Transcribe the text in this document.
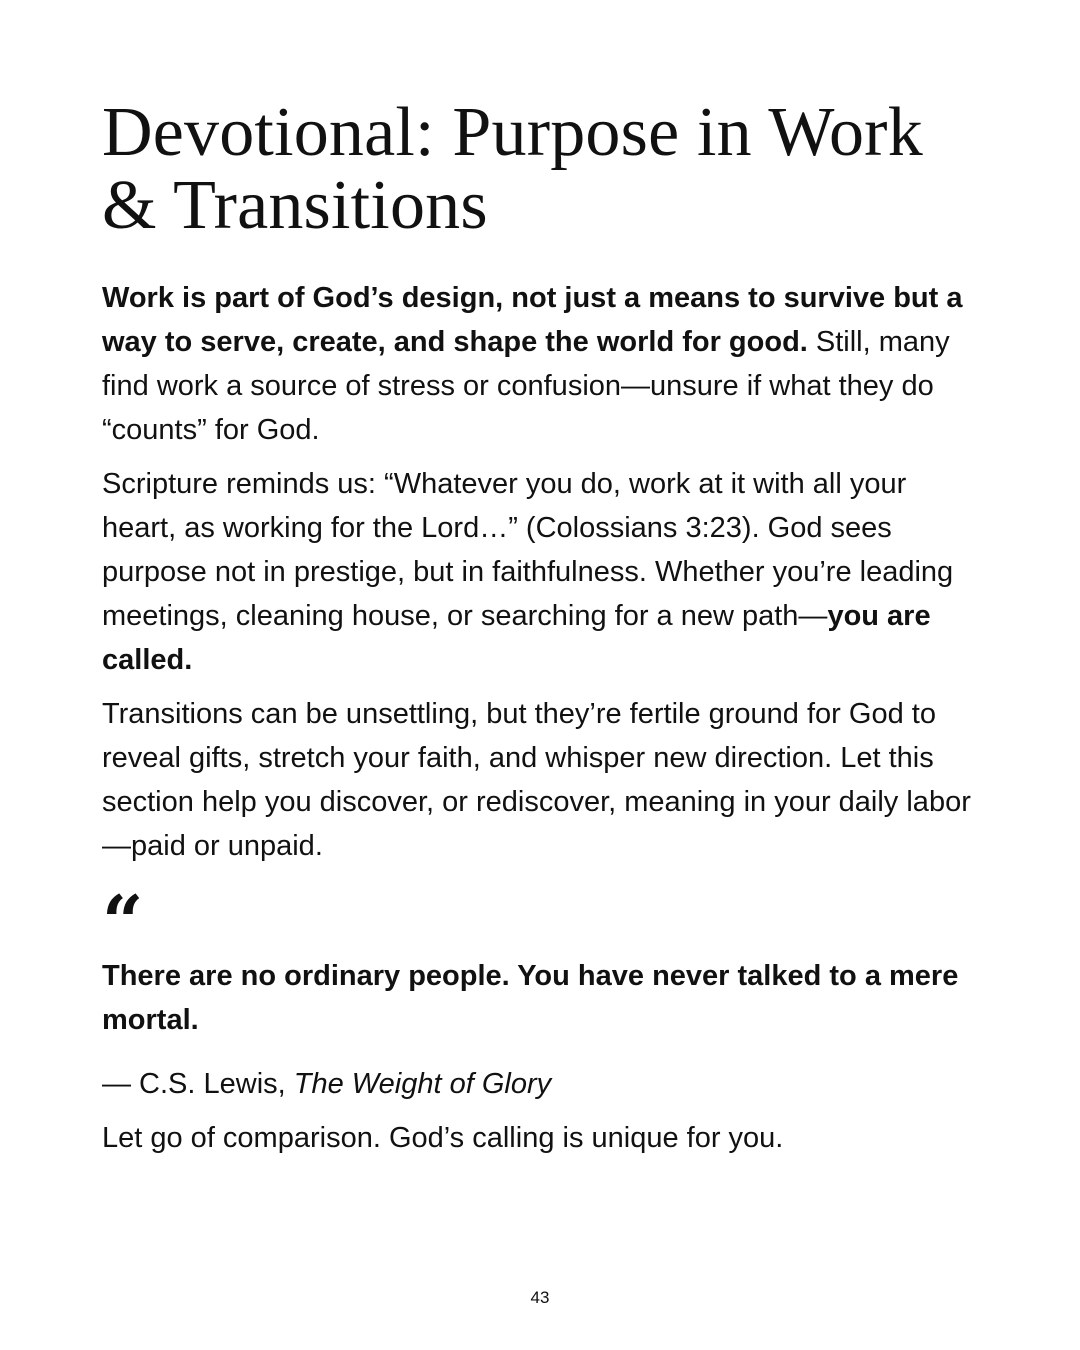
Devotional: Purpose in Work & Transitions

Work is part of God’s design, not just a means to survive but a way to serve, create, and shape the world for good. Still, many find work a source of stress or confusion—unsure if what they do “counts” for God.

Scripture reminds us: “Whatever you do, work at it with all your heart, as working for the Lord…” (Colossians 3:23). God sees purpose not in prestige, but in faithfulness. Whether you’re leading meetings, cleaning house, or searching for a new path—you are called.

Transitions can be unsettling, but they’re fertile ground for God to reveal gifts, stretch your faith, and whisper new direction. Let this section help you discover, or rediscover, meaning in your daily labor—paid or unpaid.

“

There are no ordinary people. You have never talked to a mere mortal.

— C.S. Lewis, The Weight of Glory

Let go of comparison. God’s calling is unique for you.

43
